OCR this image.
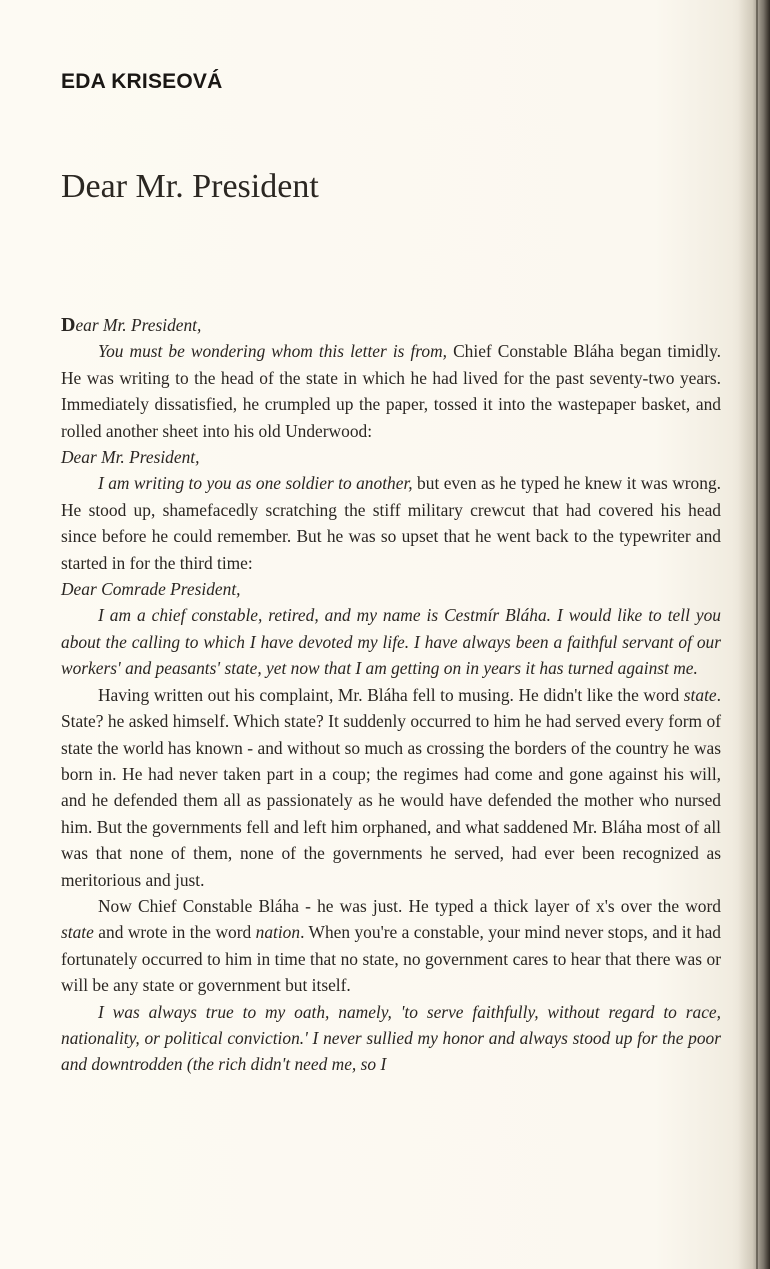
EDA KRISEOVÁ
Dear Mr. President

Dear Mr. President,

You must be wondering whom this letter is from, Chief Constable Bláha began timidly. He was writing to the head of the state in which he had lived for the past seventy-two years. Immediately dissatisfied, he crumpled up the paper, tossed it into the wastepaper basket, and rolled another sheet into his old Underwood:

Dear Mr. President,

I am writing to you as one soldier to another, but even as he typed he knew it was wrong. He stood up, shamefacedly scratching the stiff military crewcut that had covered his head since before he could remember. But he was so upset that he went back to the typewriter and started in for the third time:

Dear Comrade President,

I am a chief constable, retired, and my name is Cestmír Bláha. I would like to tell you about the calling to which I have devoted my life. I have always been a faithful servant of our workers' and peasants' state, yet now that I am getting on in years it has turned against me.

Having written out his complaint, Mr. Bláha fell to musing. He didn't like the word state. State? he asked himself. Which state? It suddenly occurred to him he had served every form of state the world has known - and without so much as crossing the borders of the country he was born in. He had never taken part in a coup; the regimes had come and gone against his will, and he defended them all as passionately as he would have defended the mother who nursed him. But the governments fell and left him orphaned, and what saddened Mr. Bláha most of all was that none of them, none of the governments he served, had ever been recognized as meritorious and just.

Now Chief Constable Bláha - he was just. He typed a thick layer of x's over the word state and wrote in the word nation. When you're a constable, your mind never stops, and it had fortunately occurred to him in time that no state, no government cares to hear that there was or will be any state or government but itself.

I was always true to my oath, namely, 'to serve faithfully, without regard to race, nationality, or political conviction.' I never sullied my honor and always stood up for the poor and downtrodden (the rich didn't need me, so I
